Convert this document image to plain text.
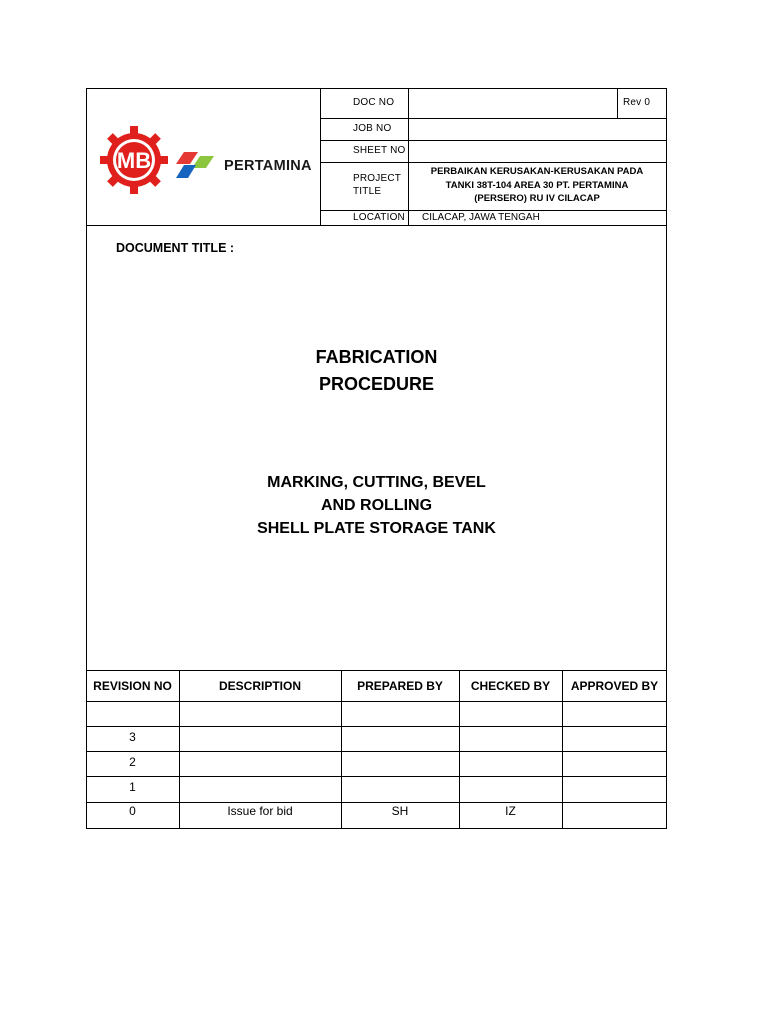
MB	PERTAMINA
DOC NO	Rev 0
JOB NO
SHEET NO
PROJECT
TITLE
PERBAIKAN KERUSAKAN-KERUSAKAN PADA
TANKI 38T-104 AREA 30 PT. PERTAMINA
(PERSERO) RU IV CILACAP
LOCATION CILACAP, JAWA TENGAH
DOCUMENT TITLE :
FABRICATION
PROCEDURE
MARKING, CUTTING, BEVEL
AND ROLLING
SHELL PLATE STORAGE TANK
REVISION NO	DESCRIPTION	PREPARED BY	CHECKED BY	APPROVED BY
3
2
1
0	Issue for bid	SH	IZ
